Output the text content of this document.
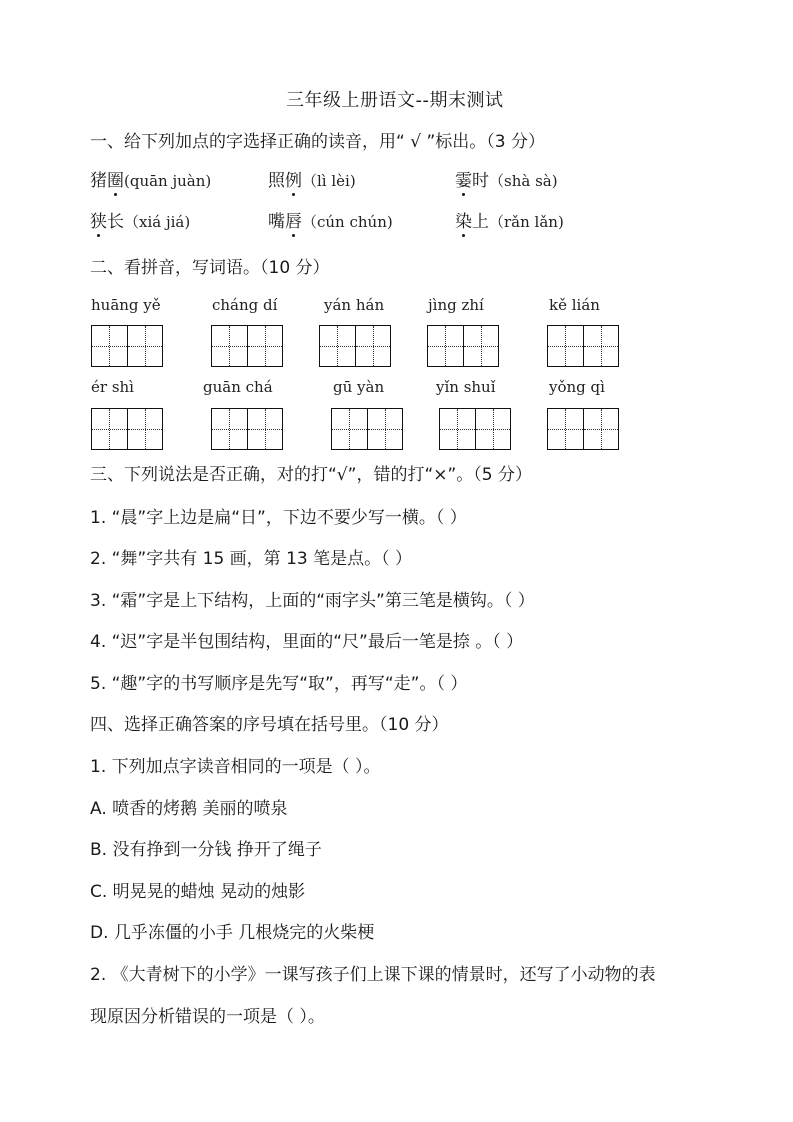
三年级上册语文--期末测试
一、给下列加点的字选择正确的读音，用“ √ ”标出。（3 分）
猪圈(quān juàn)	照例（lì lèi)	霎时（shà sà)
狭长（xiá jiá)	嘴唇（cún chún)	染上（rǎn lǎn)
二、看拼音，写词语。（10 分）
huāng yě	cháng dí	yán hán	jìng zhí	kě lián
ér shì	guān chá	gū yàn	yǐn shuǐ	yǒng qì
三、下列说法是否正确，对的打“√”，错的打“×”。（5 分）
1. “晨”字上边是扁“日”，下边不要少写一横。（ ）
2. “舞”字共有 15 画，第 13 笔是点。（ ）
3. “霜”字是上下结构，上面的“雨字头”第三笔是横钩。（ ）
4. “迟”字是半包围结构，里面的“尺”最后一笔是捺 。（ ）
5. “趣”字的书写顺序是先写“取”，再写“走”。（ ）
四、选择正确答案的序号填在括号里。（10 分）
1. 下列加点字读音相同的一项是（ ）。
A. 喷香的烤鹅 美丽的喷泉
B. 没有挣到一分钱 挣开了绳子
C. 明晃晃的蜡烛 晃动的烛影
D. 几乎冻僵的小手 几根烧完的火柴梗
2. 《大青树下的小学》一课写孩子们上课下课的情景时，还写了小动物的表
现原因分析错误的一项是（ ）。
